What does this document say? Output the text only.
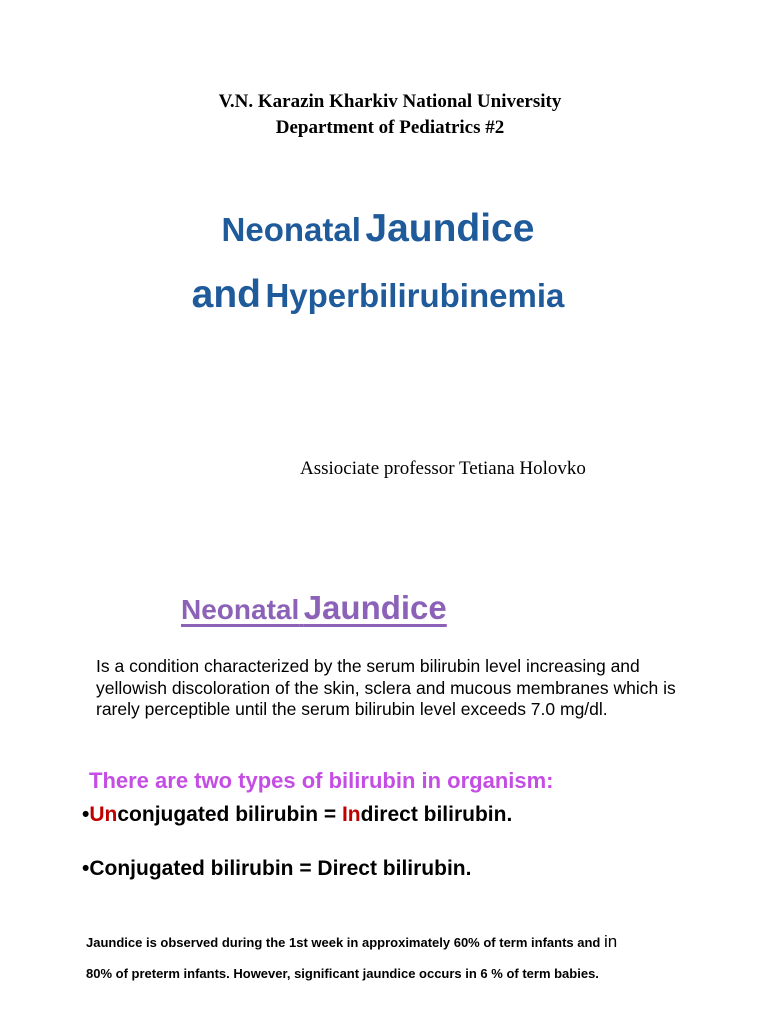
V.N. Karazin Kharkiv National University
Department of Pediatrics #2
Neonatal Jaundice
and Hyperbilirubinemia
Assiociate professor Tetiana Holovko
Neonatal Jaundice
Is a condition characterized by the serum bilirubin level increasing and yellowish discoloration of the skin, sclera and mucous membranes which is rarely perceptible until the serum bilirubin level exceeds 7.0 mg/dl.
There are two types of bilirubin in organism:
•Unconjugated bilirubin = Indirect bilirubin.
•Conjugated bilirubin = Direct bilirubin.
Jaundice is observed during the 1st week in approximately 60% of term infants and in
80% of preterm infants. However, significant jaundice occurs in 6 % of term babies.
